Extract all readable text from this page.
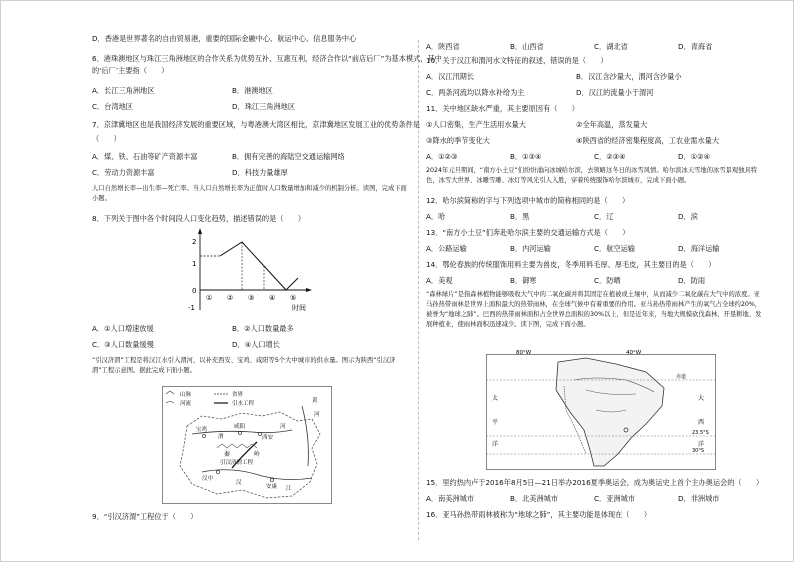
D．香港是世界著名的自由贸易港，重要的国际金融中心、航运中心、信息服务中心
6．港珠澳地区与珠江三角洲地区的合作关系为优势互补、互惠互利，经济合作以“前店后厂”为基本模式，其中
的‘后厂’主要指（　　）
A．长江三角洲地区	B．港澳地区
C．台湾地区	D．珠江三角洲地区
7．京津冀地区也是我国经济发展的重要区域，与粤港澳大湾区相比，京津冀地区发展工业的优势条件是
（　　）
A．煤、铁、石油等矿产资源丰富	B．拥有完善的海陆空交通运输网络
C．劳动力资源丰富	D．科技力量雄厚
人口自然增长率—出生率—死亡率。当人口自然增长率为正值时人口数量增加和减少的机制分析。读图，完成下面小题。
8．下列关于图中各个时间段人口变化趋势，描述错误的是（　　）
2
1
0
-1
① ② ③ ④ ⑤
时间
A．①人口増速放缓	B．②人口数量最多
C．③人口数量缓慢	D．④人口增长
“引汉济渭”工程是将汉江水引入渭河，以补充西安、宝鸡、咸阳等5个大中城市的供水量。图示为陕西“引汉济渭”工程示意图。据此完成下面小题。
山脉	省界
河流	引水工程
宝鸡	咸阳
西安
渭
河
秦	岭
引汉济渭工程
汉中
汉
安康 江
黄
河
9．“引汉济渭”工程位于（　　）
A．陕西省	B．山西省	C．湖北省	D．青海省
10．关于汉江和渭河水文特征的叙述，错误的是（　　）
A．汉江汛期长	B．汉江含沙量大，渭河含沙量小
C．两条河流均以降水补给为主	D．汉江的流量小于渭河
11．关中地区缺水严重，其主要原因有（　　）
①人口密集，生产生活用水量大	②全年高温，蒸发量大
③降水的季节变化大	④陕西省的经济密集程度高，工农业需水量大
A．①②③	B．①③④	C．②③④	D．①②④
2024年元旦期间，“南方小土豆”们纷纷涌向冰城哈尔滨，去领略这冬日的冰雪风情。哈尔滨冰天雪地的冰雪景观独具特色，冰雪大世界、冰雕雪雕、冰灯等风光引人入胜，穿着传统服饰哈尔滨城市，完成下面小题。
12．哈尔滨简称的字与下列选项中城市的简称相同的是（　　）
A．哈	B．黑	C．辽	D．滨
13．“南方小土豆”们奔赴哈尔滨主要的交通运输方式是（　　）
A．公路运输	B．内河运输	C．航空运输	D．海洋运输
14．鄂伦春族的传统服饰用料主要为兽皮，冬季用料毛厚、厚毛皮，其主要目的是（　　）
A．美观	B．御寒	C．防晒	D．防雨
“森林绿片”是指森林植物能够吸收大气中的二氧化碳并将其固定在植被或土壤中，从而减少二氧化碳在大气中的浓度。亚马孙热带雨林是世界上面积最大的热带雨林，在全球气候中有着重要的作用。亚马孙热带雨林产生的氧气占全球约20%，被誉为“地球之肺”。巴西的热带雨林面积占全世界总面积的30%以上，但是近年来，当地大规模砍伐森林、开垦耕地、发展种植业，使雨林面积迅速减少。读下图，完成下面小题。
80°W	40°W
太
平
洋
大
西
洋
赤道
23.5°S
30°S
15．里约热内卢于2016年8月5日—21日举办2016夏季奥运会，成为奥运史上首个主办奥运会的（　　）
A．南美洲城市	B．北美洲城市	C．亚洲城市	D．非洲城市
16．亚马孙热带雨林被称为“地球之肺”，其主要功能是体现在（　　）
